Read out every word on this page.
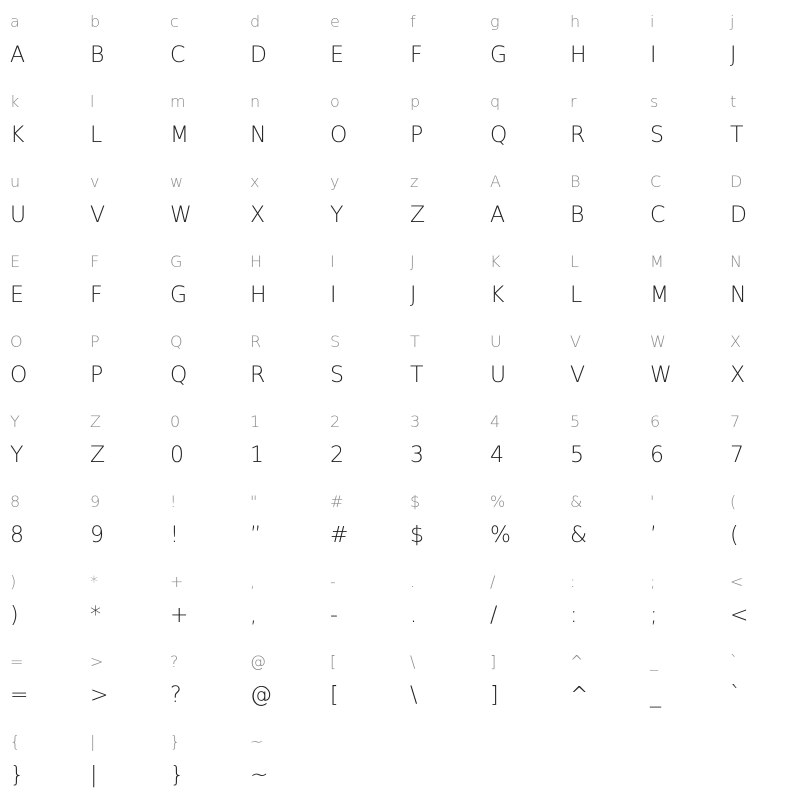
a
A
b
B
c
C
d
D
e
E
f
F
g
G
h
H
i
I
j
J
k
K
l
L
m
M
n
N
o
O
p
P
q
Q
r
R
s
S
t
T
u
U
v
V
w
W
x
X
y
Y
z
Z
A
A
B
B
C
C
D
D
E
E
F
F
G
G
H
H
I
I
J
J
K
K
L
L
M
M
N
N
O
O
P
P
Q
Q
R
R
S
S
T
T
U
U
V
V
W
W
X
X
Y
Y
Z
Z
0
0
1
1
2
2
3
3
4
4
5
5
6
6
7
7
8
8
9
9
!
!
"
”
#
#
$
$
%
%
&
&
'
’
(
(
)
)
*
*
+
+
,
,
-
-
.
.
/
/
:
:
;
;
<
<
=
=
>
>
?
?
@
@
[
[
\
\
]
]
^
^
_
_
`
`
{
}
|
|
}
}
~
~
